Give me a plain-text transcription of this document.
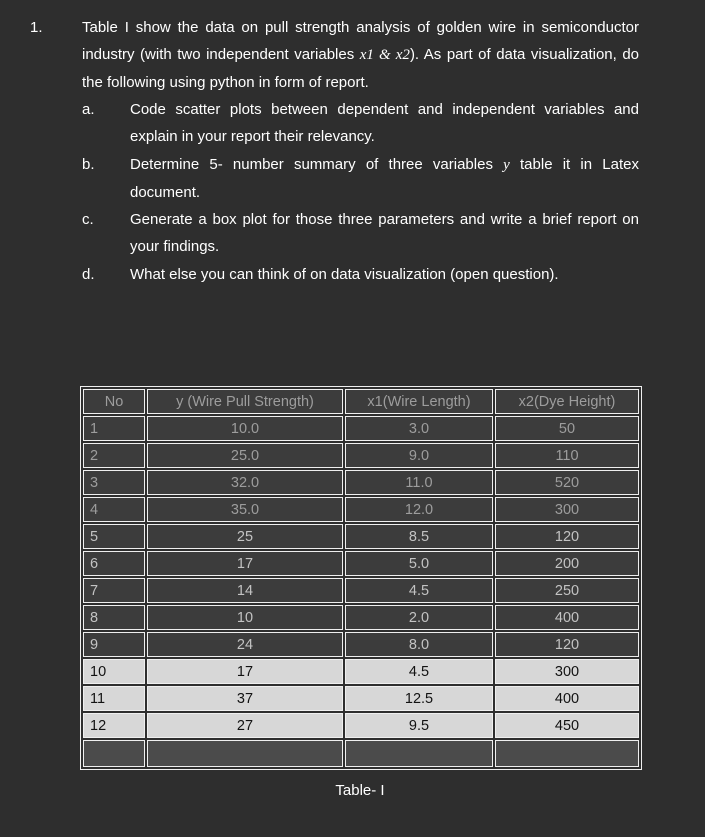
1.	Table I show the data on pull strength analysis of golden wire in semiconductor industry (with two independent variables x1 & x2). As part of data visualization, do the following using python in form of report.

a.	Code scatter plots between dependent and independent variables and explain in your report their relevancy.
b.	Determine 5- number summary of three variables y table it in Latex document.
c.	Generate a box plot for those three parameters and write a brief report on your findings.
d.	What else you can think of on data visualization (open question).
No	y (Wire Pull Strength)	x1(Wire Length)	x2(Dye Height)
1	10.0	3.0	50
2	25.0	9.0	110
3	32.0	11.0	520
4	35.0	12.0	300
5	25	8.5	120
6	17	5.0	200
7	14	4.5	250
8	10	2.0	400
9	24	8.0	120
10	17	4.5	300
11	37	12.5	400
12	27	9.5	450

Table- I
